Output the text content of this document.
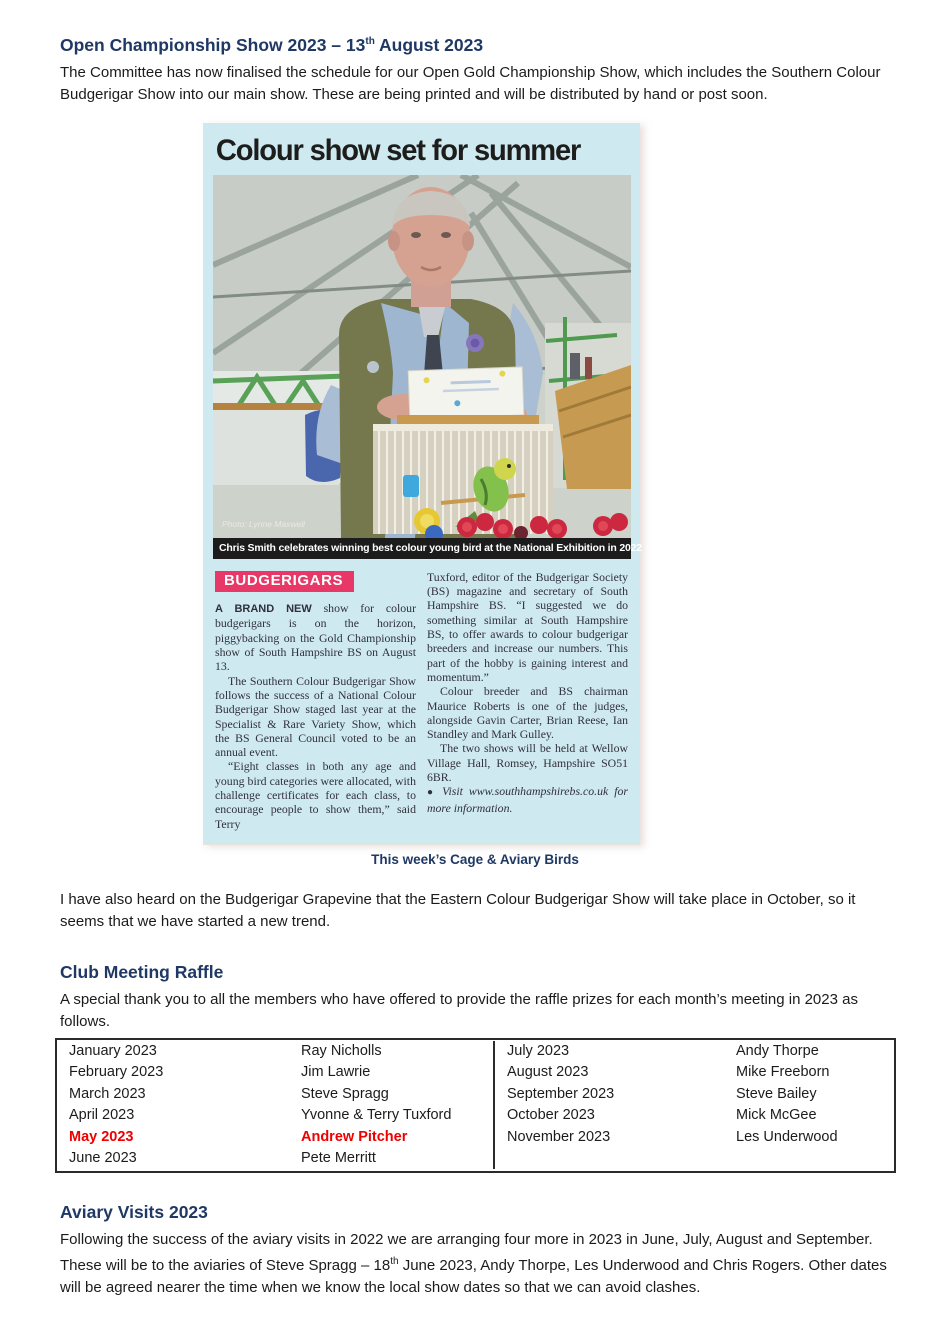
Open Championship Show 2023 – 13th August 2023
The Committee has now finalised the schedule for our Open Gold Championship Show, which includes the Southern Colour Budgerigar Show into our main show. These are being printed and will be distributed by hand or post soon.
Colour show set for summer
Photo: Lynne Maxwell
Chris Smith celebrates winning best colour young bird at the National Exhibition in 2022
BUDGERIGARS

A BRAND NEW show for colour budgerigars is on the horizon, piggybacking on the Gold Championship show of South Hampshire BS on August 13.

The Southern Colour Budgerigar Show follows the success of a National Colour Budgerigar Show staged last year at the Specialist & Rare Variety Show, which the BS General Council voted to be an annual event.

“Eight classes in both any age and young bird categories were allocated, with challenge certificates for each class, to encourage people to show them,” said Terry

Tuxford, editor of the Budgerigar Society (BS) magazine and secretary of South Hampshire BS. “I suggested we do something similar at South Hampshire BS, to offer awards to colour budgerigar breeders and increase our numbers. This part of the hobby is gaining interest and momentum.”

Colour breeder and BS chairman Maurice Roberts is one of the judges, alongside Gavin Carter, Brian Reese, Ian Standley and Mark Gulley.

The two shows will be held at Wellow Village Hall, Romsey, Hampshire SO51 6BR.

● Visit www.southhampshirebs.co.uk for more information.

This week’s Cage & Aviary Birds
I have also heard on the Budgerigar Grapevine that the Eastern Colour Budgerigar Show will take place in October, so it seems that we have started a new trend.
Club Meeting Raffle
A special thank you to all the members who have offered to provide the raffle prizes for each month’s meeting in 2023 as follows.
January 2023	Ray Nicholls	July 2023	Andy Thorpe
February 2023	Jim Lawrie	August 2023	Mike Freeborn
March 2023	Steve Spragg	September 2023	Steve Bailey
April 2023	Yvonne & Terry Tuxford	October 2023	Mick McGee
May 2023	Andrew Pitcher	November 2023	Les Underwood
June 2023	Pete Merritt
Aviary Visits 2023
Following the success of the aviary visits in 2022 we are arranging four more in 2023 in June, July, August and September. These will be to the aviaries of Steve Spragg – 18th June 2023, Andy Thorpe, Les Underwood and Chris Rogers. Other dates will be agreed nearer the time when we know the local show dates so that we can avoid clashes.
